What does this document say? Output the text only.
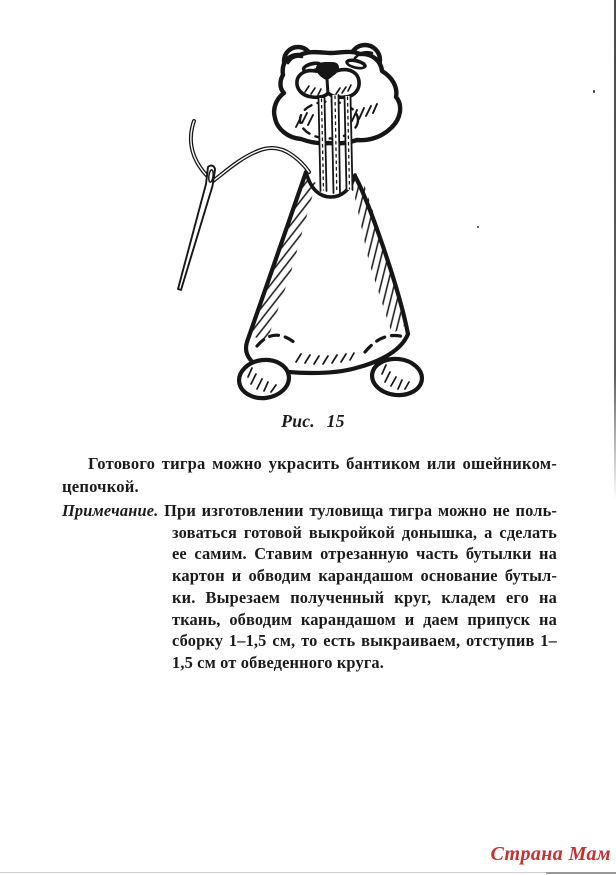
Рис. 15
Готового тигра можно украсить бантиком или ошейником-
цепочкой.
Примечание. При изготовлении туловища тигра можно не поль-
зоваться готовой выкройкой донышка, а сделать
ее самим. Ставим отрезанную часть бутылки на
картон и обводим карандашом основание бутыл-
ки. Вырезаем полученный круг, кладем его на
ткань, обводим карандашом и даем припуск на
сборку 1–1,5 см, то есть выкраиваем, отступив 1–
1,5 см от обведенного круга.
Страна Мам
